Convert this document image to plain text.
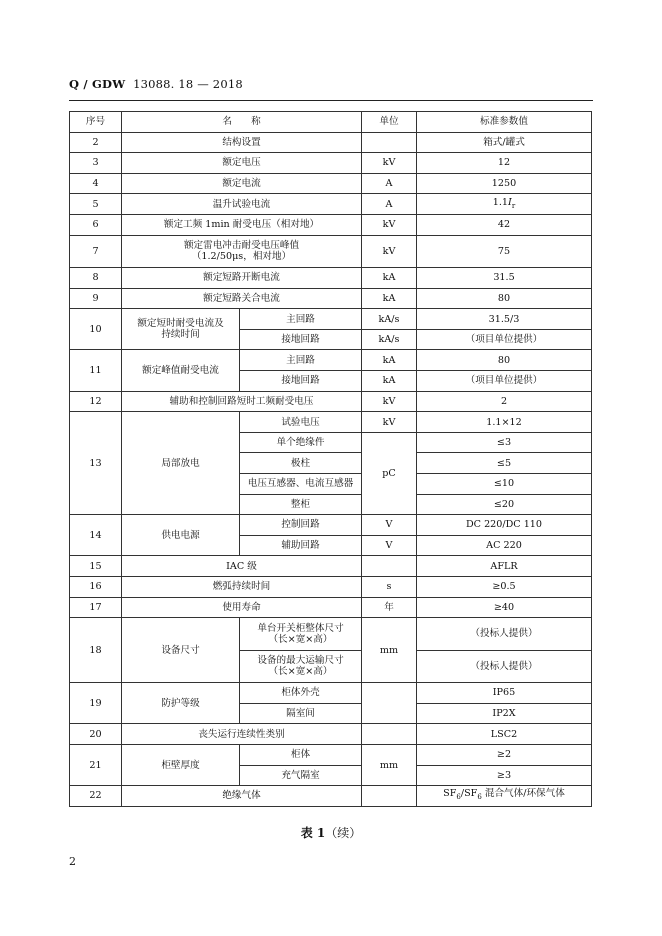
Q / GDW 13088. 18 — 2018
序号	名　　称		单位	标准参数值
2	结构设置			箱式/罐式
3	额定电压		kV	12
4	额定电流		A	1250
5	温升试验电流		A	$1.1I_r$
6	额定工频 1min 耐受电压（相对地）		kV	42
7	额定雷电冲击耐受电压峰值
（1.2/50μs，相对地）		kV	75
8	额定短路开断电流		kA	31.5
9	额定短路关合电流		kA	80
10	额定短时耐受电流及
持续时间	主回路	kA/s	31.5/3
		接地回路	kA/s	（项目单位提供）
11	额定峰值耐受电流	主回路	kA	80
		接地回路	kA	（项目单位提供）
12	辅助和控制回路短时工频耐受电压		kV	2
13	局部放电	试验电压	kV	1.1×12
		单个绝缘件	pC	≤3
		极柱		≤5
		电压互感器、电流互感器		≤10
		整柜		≤20
14	供电电源	控制回路	V	DC 220/DC 110
		辅助回路	V	AC 220
15	IAC 级			AFLR
16	燃弧持续时间		s	≥0.5
17	使用寿命		年	≥40
18	设备尺寸	单台开关柜整体尺寸
（长×宽×高）	mm	（投标人提供）

		设备的最大运输尺寸
（长×宽×高）		（投标人提供）
19	防护等级	柜体外壳		IP65
		隔室间		IP2X
20	丧失运行连续性类别			LSC2
21	柜壁厚度	柜体	mm	≥2
		充气隔室		≥3
22	绝缘气体			$SF_6/SF_6$ 混合气体/环保气体
表 1（续）
2
